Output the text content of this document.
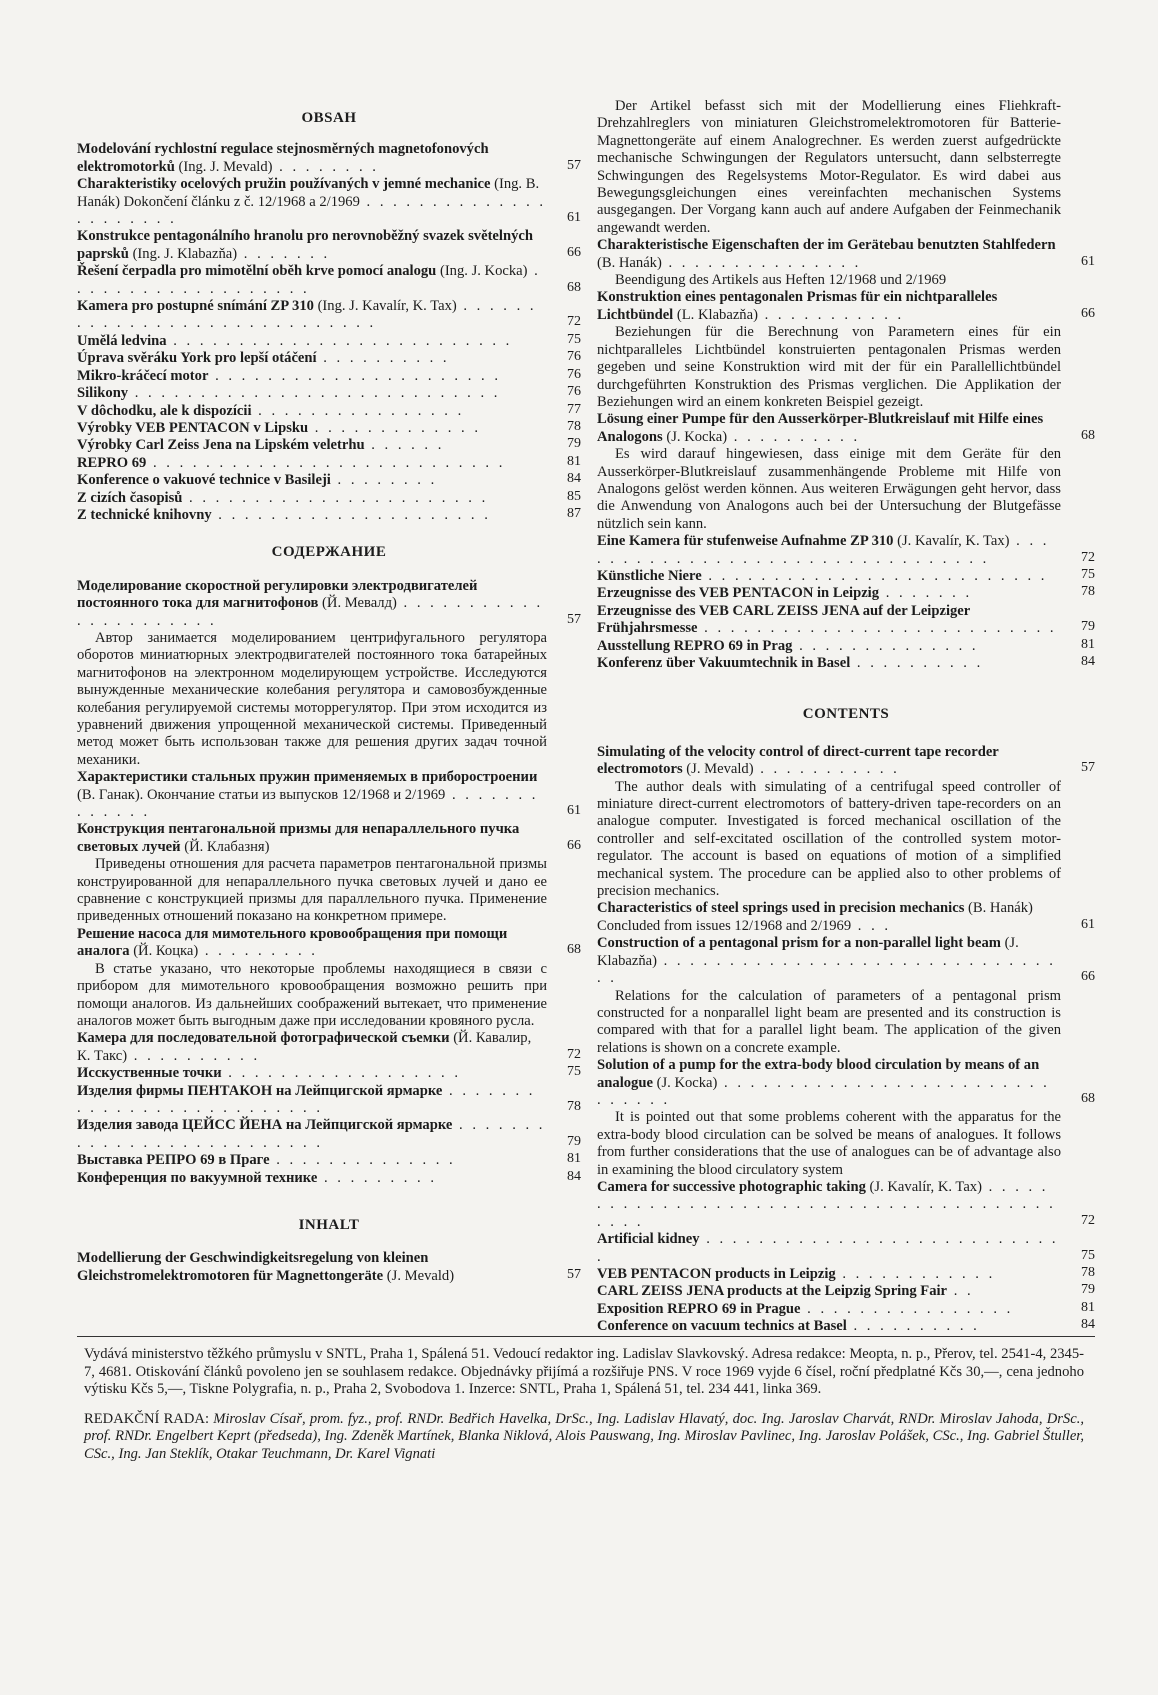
OBSAH
Modelování rychlostní regulace stejnosměrných magnetofonových elektromotorků (Ing. J. Mevald) . . . . . . . .	57
Charakteristiky ocelových pružin používaných v jemné mechanice (Ing. B. Hanák) Dokončení článku z č. 12/1968 a 2/1969 . . . . . . . . . . . . . . . . . . . . . .	61
Konstrukce pentagonálního hranolu pro nerovnoběžný svazek světelných paprsků (Ing. J. Klabazňa) . . . . . . .	66
Řešení čerpadla pro mimotělní oběh krve pomocí analogu (Ing. J. Kocka) . . . . . . . . . . . . . . . . . . .	68
Kamera pro postupné snímání ZP 310 (Ing. J. Kavalír, K. Tax) . . . . . . . . . . . . . . . . . . . . . . . . . . . . .	72
Umělá ledvina . . . . . . . . . . . . . . . . . . . . . . . . . .	75
Úprava svěráku York pro lepší otáčení . . . . . . . . . .	76
Mikro-kráčecí motor . . . . . . . . . . . . . . . . . . . . . .	76
Silikony . . . . . . . . . . . . . . . . . . . . . . . . . . . .	76
V dôchodku, ale k dispozícii . . . . . . . . . . . . . . . .	77
Výrobky VEB PENTACON v Lipsku . . . . . . . . . . . . .	78
Výrobky Carl Zeiss Jena na Lipském veletrhu . . . . . .	79
REPRO 69 . . . . . . . . . . . . . . . . . . . . . . . . . . .	81
Konference o vakuové technice v Basileji . . . . . . . .	84
Z cizích časopisů . . . . . . . . . . . . . . . . . . . . . . .	85
Z technické knihovny . . . . . . . . . . . . . . . . . . . . .	87
СОДЕРЖАНИЕ
Моделирование скоростной регулировки электродвигателей постоянного тока для магнитофонов (Й. Мевалд) . . . . . . . . . . . . . . . . . . . . . .	57
Автор занимается моделированием центрифугального регулятора оборотов миниатюрных электродвигателей постоянного тока батарейных магнитофонов на электронном моделирующем устройстве. Исследуются вынужденные механические колебания регулятора и самовозбужденные колебания регулируемой системы моторрегулятор. При этом исходится из уравнений движения упрощенной механической системы. Приведенный метод может быть использован также для решения других задач точной механики.
Характеристики стальных пружин применяемых в приборостроении (В. Ганак). Окончание статьи из выпусков 12/1968 и 2/1969 . . . . . . . . . . . . .	61
Конструкция пентагональной призмы для непараллельного пучка световых лучей (Й. Клабазня)	66
Приведены отношения для расчета параметров пентагональной призмы конструированной для непараллельного пучка световых лучей и дано ее сравнение с конструкцией призмы для параллельного пучка. Применение приведенных отношений показано на конкретном примере.
Решение насоса для мимотельного кровообращения при помощи аналога (Й. Коцка) . . . . . . . . .	68
В статье указано, что некоторые проблемы находящиеся в связи с прибором для мимотельного кровообращения возможно решить при помощи аналогов. Из дальнейших соображений вытекает, что применение аналогов может быть выгодным даже при исследовании кровяного русла.
Камера для последовательной фотографической съемки (Й. Кавалир, К. Такс) . . . . . . . . . .	72
Исскуственные точки . . . . . . . . . . . . . . . . . .	75
Изделия фирмы ПЕНТАКОН на Лейпцигской ярмарке . . . . . . . . . . . . . . . . . . . . . . . . . .	78
Изделия завода ЦЕЙСС ЙЕНА на Лейпцигской ярмарке . . . . . . . . . . . . . . . . . . . . . . . . . .	79
Выставка РЕПРО 69 в Праге . . . . . . . . . . . . . .	81
Конференция по вакуумной технике . . . . . . . . .	84
INHALT
Modellierung der Geschwindigkeitsregelung von kleinen Gleichstromelektromotoren für Magnettongeräte (J. Mevald)	57
Der Artikel befasst sich mit der Modellierung eines Fliehkraft-Drehzahlreglers von miniaturen Gleichstromelektromotoren für Batterie-Magnettongeräte auf einem Analogrechner. Es werden zuerst aufgedrückte mechanische Schwingungen der Regulators untersucht, dann selbsterregte Schwingungen des Regelsystems Motor-Regulator. Es wird dabei aus Bewegungsgleichungen eines vereinfachten mechanischen Systems ausgegangen. Der Vorgang kann auch auf andere Aufgaben der Feinmechanik angewandt werden.
Charakteristische Eigenschaften der im Gerätebau benutzten Stahlfedern (B. Hanák) . . . . . . . . . . . . . . .	61
Beendigung des Artikels aus Heften 12/1968 und 2/1969
Konstruktion eines pentagonalen Prismas für ein nichtparalleles Lichtbündel (L. Klabazňa) . . . . . . . . . . .	66
Beziehungen für die Berechnung von Parametern eines für ein nichtparalleles Lichtbündel konstruierten pentagonalen Prismas werden gegeben und seine Konstruktion wird mit der für ein Parallellichtbündel durchgeführten Konstruktion des Prismas verglichen. Die Applikation der Beziehungen wird an einem konkreten Beispiel gezeigt.
Lösung einer Pumpe für den Ausserkörper-Blutkreislauf mit Hilfe eines Analogons (J. Kocka) . . . . . . . . . .	68
Es wird darauf hingewiesen, dass einige mit dem Geräte für den Ausserkörper-Blutkreislauf zusammenhängende Probleme mit Hilfe von Analogons gelöst werden können. Aus weiteren Erwägungen geht hervor, dass die Anwendung von Analogons auch bei der Untersuchung der Blutgefässe nützlich sein kann.
Eine Kamera für stufenweise Aufnahme ZP 310 (J. Kavalír, K. Tax) . . . . . . . . . . . . . . . . . . . . . . . . . . . . . . . . .	72
Künstliche Niere . . . . . . . . . . . . . . . . . . . . . . . . . .	75
Erzeugnisse des VEB PENTACON in Leipzig . . . . . . .	78
Erzeugnisse des VEB CARL ZEISS JENA auf der Leipziger Frühjahrsmesse . . . . . . . . . . . . . . . . . . . . . . . . . . .	79
Ausstellung REPRO 69 in Prag . . . . . . . . . . . . . .	81
Konferenz über Vakuumtechnik in Basel . . . . . . . . . .	84
CONTENTS
Simulating of the velocity control of direct-current tape recorder electromotors (J. Mevald) . . . . . . . . . . .	57
The author deals with simulating of a centrifugal speed controller of miniature direct-current electromotors of battery-driven tape-recorders on an analogue computer. Investigated is forced mechanical oscillation of the controller and self-excitated oscillation of the controlled system motor-regulator. The account is based on equations of motion of a simplified mechanical system. The procedure can be applied also to other problems of precision mechanics.
Characteristics of steel springs used in precision mechanics (B. Hanák) Concluded from issues 12/1968 and 2/1969 . . .	61
Construction of a pentagonal prism for a non-parallel light beam (J. Klabazňa) . . . . . . . . . . . . . . . . . . . . . . . . . . . . . . . .	66
Relations for the calculation of parameters of a pentagonal prism constructed for a nonparallel light beam are presented and its construction is compared with that for a parallel light beam. The application of the given relations is shown on a concrete example.
Solution of a pump for the extra-body blood circulation by means of an analogue (J. Kocka) . . . . . . . . . . . . . . . . . . . . . . . . . . . . . . .	68
It is pointed out that some problems coherent with the apparatus for the extra-body blood circulation can be solved be means of analogues. It follows from further considerations that the use of analogues can be of advantage also in examining the blood circulatory system
Camera for successive photographic taking (J. Kavalír, K. Tax) . . . . . . . . . . . . . . . . . . . . . . . . . . . . . . . . . . . . . . . . . . . .	72
Artificial kidney . . . . . . . . . . . . . . . . . . . . . . . . . . . .	75
VEB PENTACON products in Leipzig . . . . . . . . . . . .	78
CARL ZEISS JENA products at the Leipzig Spring Fair . .	79
Exposition REPRO 69 in Prague . . . . . . . . . . . . . . . .	81
Conference on vacuum technics at Basel . . . . . . . . . .	84

Vydává ministerstvo těžkého průmyslu v SNTL, Praha 1, Spálená 51. Vedoucí redaktor ing. Ladislav Slavkovský. Adresa redakce: Meopta, n. p., Přerov, tel. 2541-4, 2345-7, 4681. Otiskování článků povoleno jen se souhlasem redakce. Objednávky přijímá a rozšiřuje PNS. V roce 1969 vyjde 6 čísel, roční předplatné Kčs 30,—, cena jednoho výtisku Kčs 5,—, Tiskne Polygrafia, n. p., Praha 2, Svobodova 1. Inzerce: SNTL, Praha 1, Spálená 51, tel. 234 441, linka 369.

REDAKČNÍ RADA: Miroslav Císař, prom. fyz., prof. RNDr. Bedřich Havelka, DrSc., Ing. Ladislav Hlavatý, doc. Ing. Jaroslav Charvát, RNDr. Miroslav Jahoda, DrSc., prof. RNDr. Engelbert Keprt (předseda), Ing. Zdeněk Martínek, Blanka Niklová, Alois Pauswang, Ing. Miroslav Pavlinec, Ing. Jaroslav Polášek, CSc., Ing. Gabriel Štuller, CSc., Ing. Jan Steklík, Otakar Teuchmann, Dr. Karel Vignati
